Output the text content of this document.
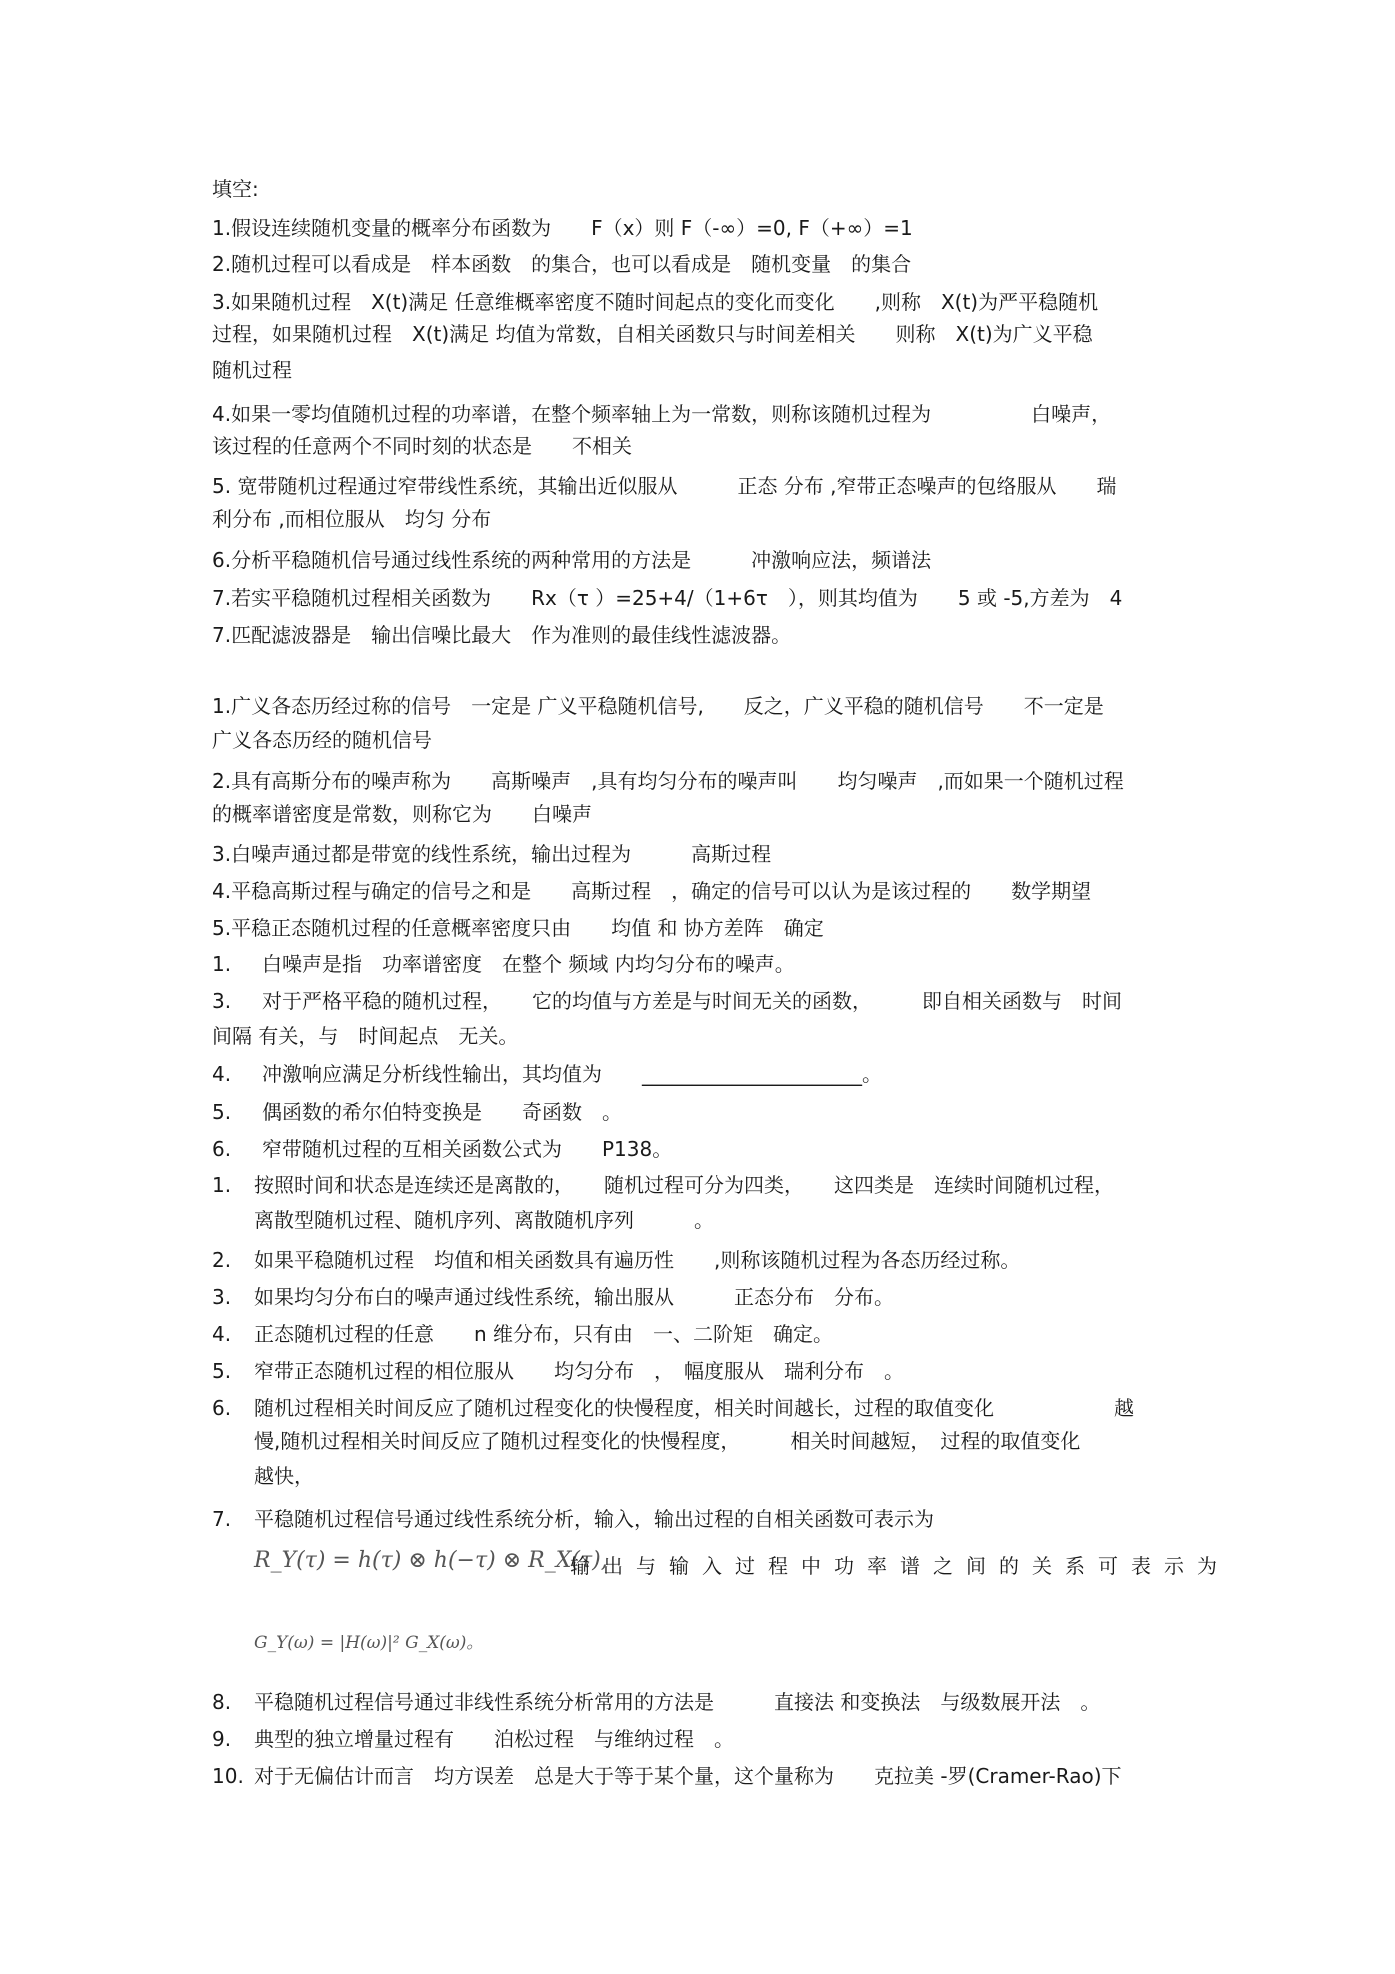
填空:
1.假设连续随机变量的概率分布函数为　　F（x）则 F（-∞）=0, F（+∞）=1
2.随机过程可以看成是　样本函数　的集合，也可以看成是　随机变量　的集合
3.如果随机过程　X(t)满足 任意维概率密度不随时间起点的变化而变化　　,则称　X(t)为严平稳随机
过程，如果随机过程　X(t)满足 均值为常数，自相关函数只与时间差相关　　则称　X(t)为广义平稳
随机过程
4.如果一零均值随机过程的功率谱，在整个频率轴上为一常数，则称该随机过程为　　　　　白噪声，
该过程的任意两个不同时刻的状态是　　不相关
5. 宽带随机过程通过窄带线性系统，其输出近似服从　　　正态 分布 ,窄带正态噪声的包络服从　　瑞
利分布 ,而相位服从　均匀 分布
6.分析平稳随机信号通过线性系统的两种常用的方法是　　　冲激响应法，频谱法
7.若实平稳随机过程相关函数为　　Rx（τ ）=25+4/（1+6τ　），则其均值为　　5 或 -5,方差为　4
7.匹配滤波器是　输出信噪比最大　作为准则的最佳线性滤波器。
1.广义各态历经过称的信号　一定是 广义平稳随机信号,　　反之，广义平稳的随机信号　　不一定是
广义各态历经的随机信号
2.具有高斯分布的噪声称为　　高斯噪声　,具有均匀分布的噪声叫　　均匀噪声　,而如果一个随机过程
的概率谱密度是常数，则称它为　　白噪声
3.白噪声通过都是带宽的线性系统，输出过程为　　　高斯过程
4.平稳高斯过程与确定的信号之和是　　高斯过程　，确定的信号可以认为是该过程的　　数学期望
5.平稳正态随机过程的任意概率密度只由　　均值 和 协方差阵　确定
1. 白噪声是指　功率谱密度　在整个 频域 内均匀分布的噪声。
3. 对于严格平稳的随机过程，　　它的均值与方差是与时间无关的函数，　　　即自相关函数与　时间
间隔 有关，与　时间起点　无关。
4. 冲激响应满足分析线性输出，其均值为　　______________________。
5. 偶函数的希尔伯特变换是　　奇函数　。
6. 窄带随机过程的互相关函数公式为　　P138。
1. 按照时间和状态是连续还是离散的，　　随机过程可分为四类，　　这四类是　连续时间随机过程，
离散型随机过程、随机序列、离散随机序列　　　。
2. 如果平稳随机过程　均值和相关函数具有遍历性　　,则称该随机过程为各态历经过称。
3. 如果均匀分布白的噪声通过线性系统，输出服从　　　正态分布　分布。
4. 正态随机过程的任意　　n 维分布，只有由　一、二阶矩　确定。
5. 窄带正态随机过程的相位服从　　均匀分布　，　幅度服从　瑞利分布　。
6. 随机过程相关时间反应了随机过程变化的快慢程度，相关时间越长，过程的取值变化　　　　　　越
慢,随机过程相关时间反应了随机过程变化的快慢程度，　　　相关时间越短，　过程的取值变化
越快，
7. 平稳随机过程信号通过线性系统分析，输入，输出过程的自相关函数可表示为
R_Y(τ) = h(τ) ⊗ h(−τ) ⊗ R_X(τ),
输出与输入过程中功率谱之间的关系可表示为
G_Y(ω) = |H(ω)|² G_X(ω)。
8. 平稳随机过程信号通过非线性系统分析常用的方法是　　　直接法 和变换法　与级数展开法　。
9. 典型的独立增量过程有　　泊松过程　与维纳过程　。
10. 对于无偏估计而言　均方误差　总是大于等于某个量，这个量称为　　克拉美 -罗(Cramer-Rao)下
